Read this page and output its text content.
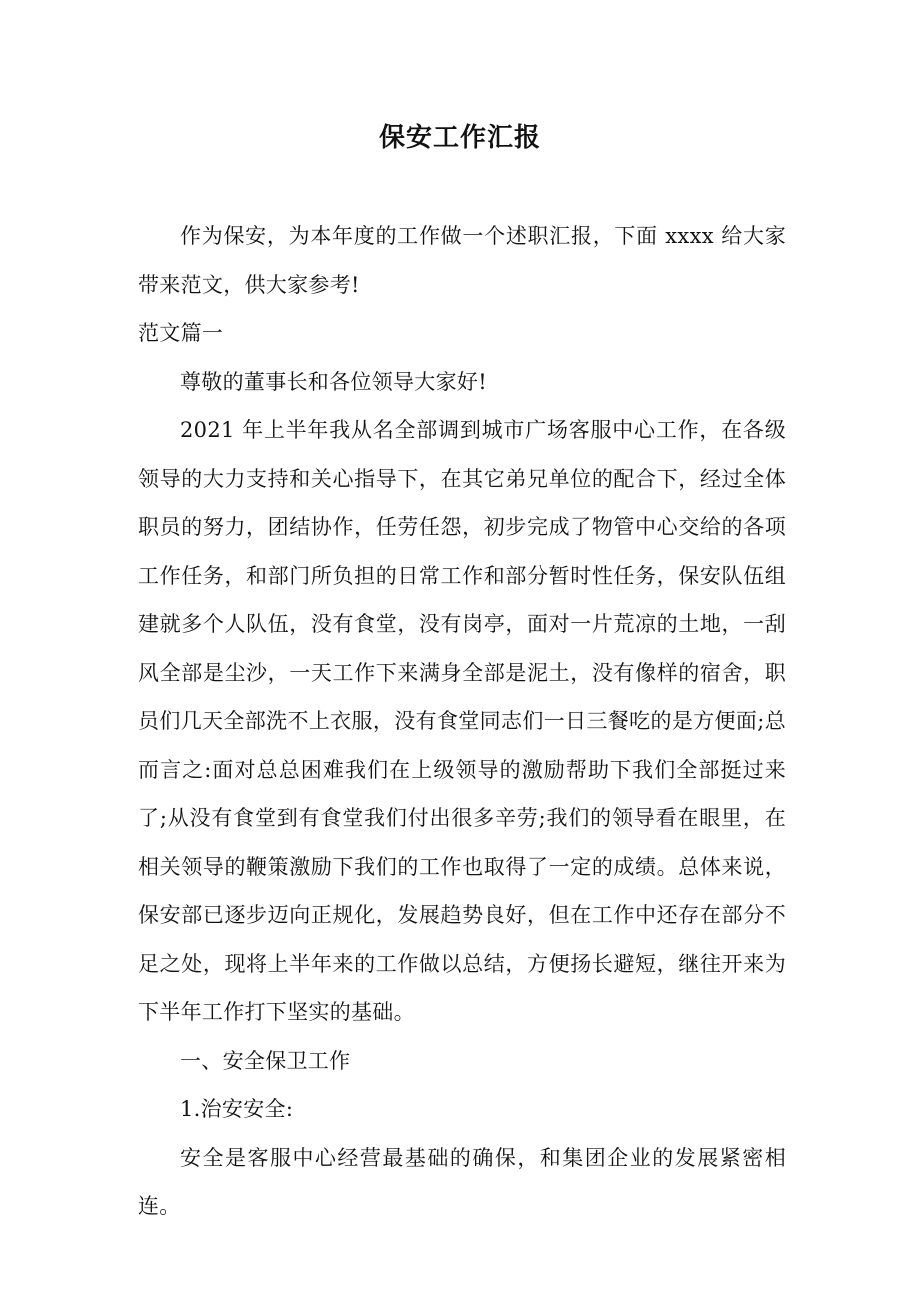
保安工作汇报

作为保安，为本年度的工作做一个述职汇报，下面 xxxx 给大家带来范文，供大家参考!

范文篇一

尊敬的董事长和各位领导大家好!

2021 年上半年我从名全部调到城市广场客服中心工作，在各级领导的大力支持和关心指导下，在其它弟兄单位的配合下，经过全体职员的努力，团结协作，任劳任怨，初步完成了物管中心交给的各项工作任务，和部门所负担的日常工作和部分暂时性任务，保安队伍组建就多个人队伍，没有食堂，没有岗亭，面对一片荒凉的土地，一刮风全部是尘沙，一天工作下来满身全部是泥土，没有像样的宿舍，职员们几天全部洗不上衣服，没有食堂同志们一日三餐吃的是方便面;总而言之:面对总总困难我们在上级领导的激励帮助下我们全部挺过来了;从没有食堂到有食堂我们付出很多辛劳;我们的领导看在眼里，在相关领导的鞭策激励下我们的工作也取得了一定的成绩。总体来说，保安部已逐步迈向正规化，发展趋势良好，但在工作中还存在部分不足之处，现将上半年来的工作做以总结，方便扬长避短，继往开来为下半年工作打下坚实的基础。

一、安全保卫工作

1.治安安全:

安全是客服中心经营最基础的确保，和集团企业的发展紧密相连。
